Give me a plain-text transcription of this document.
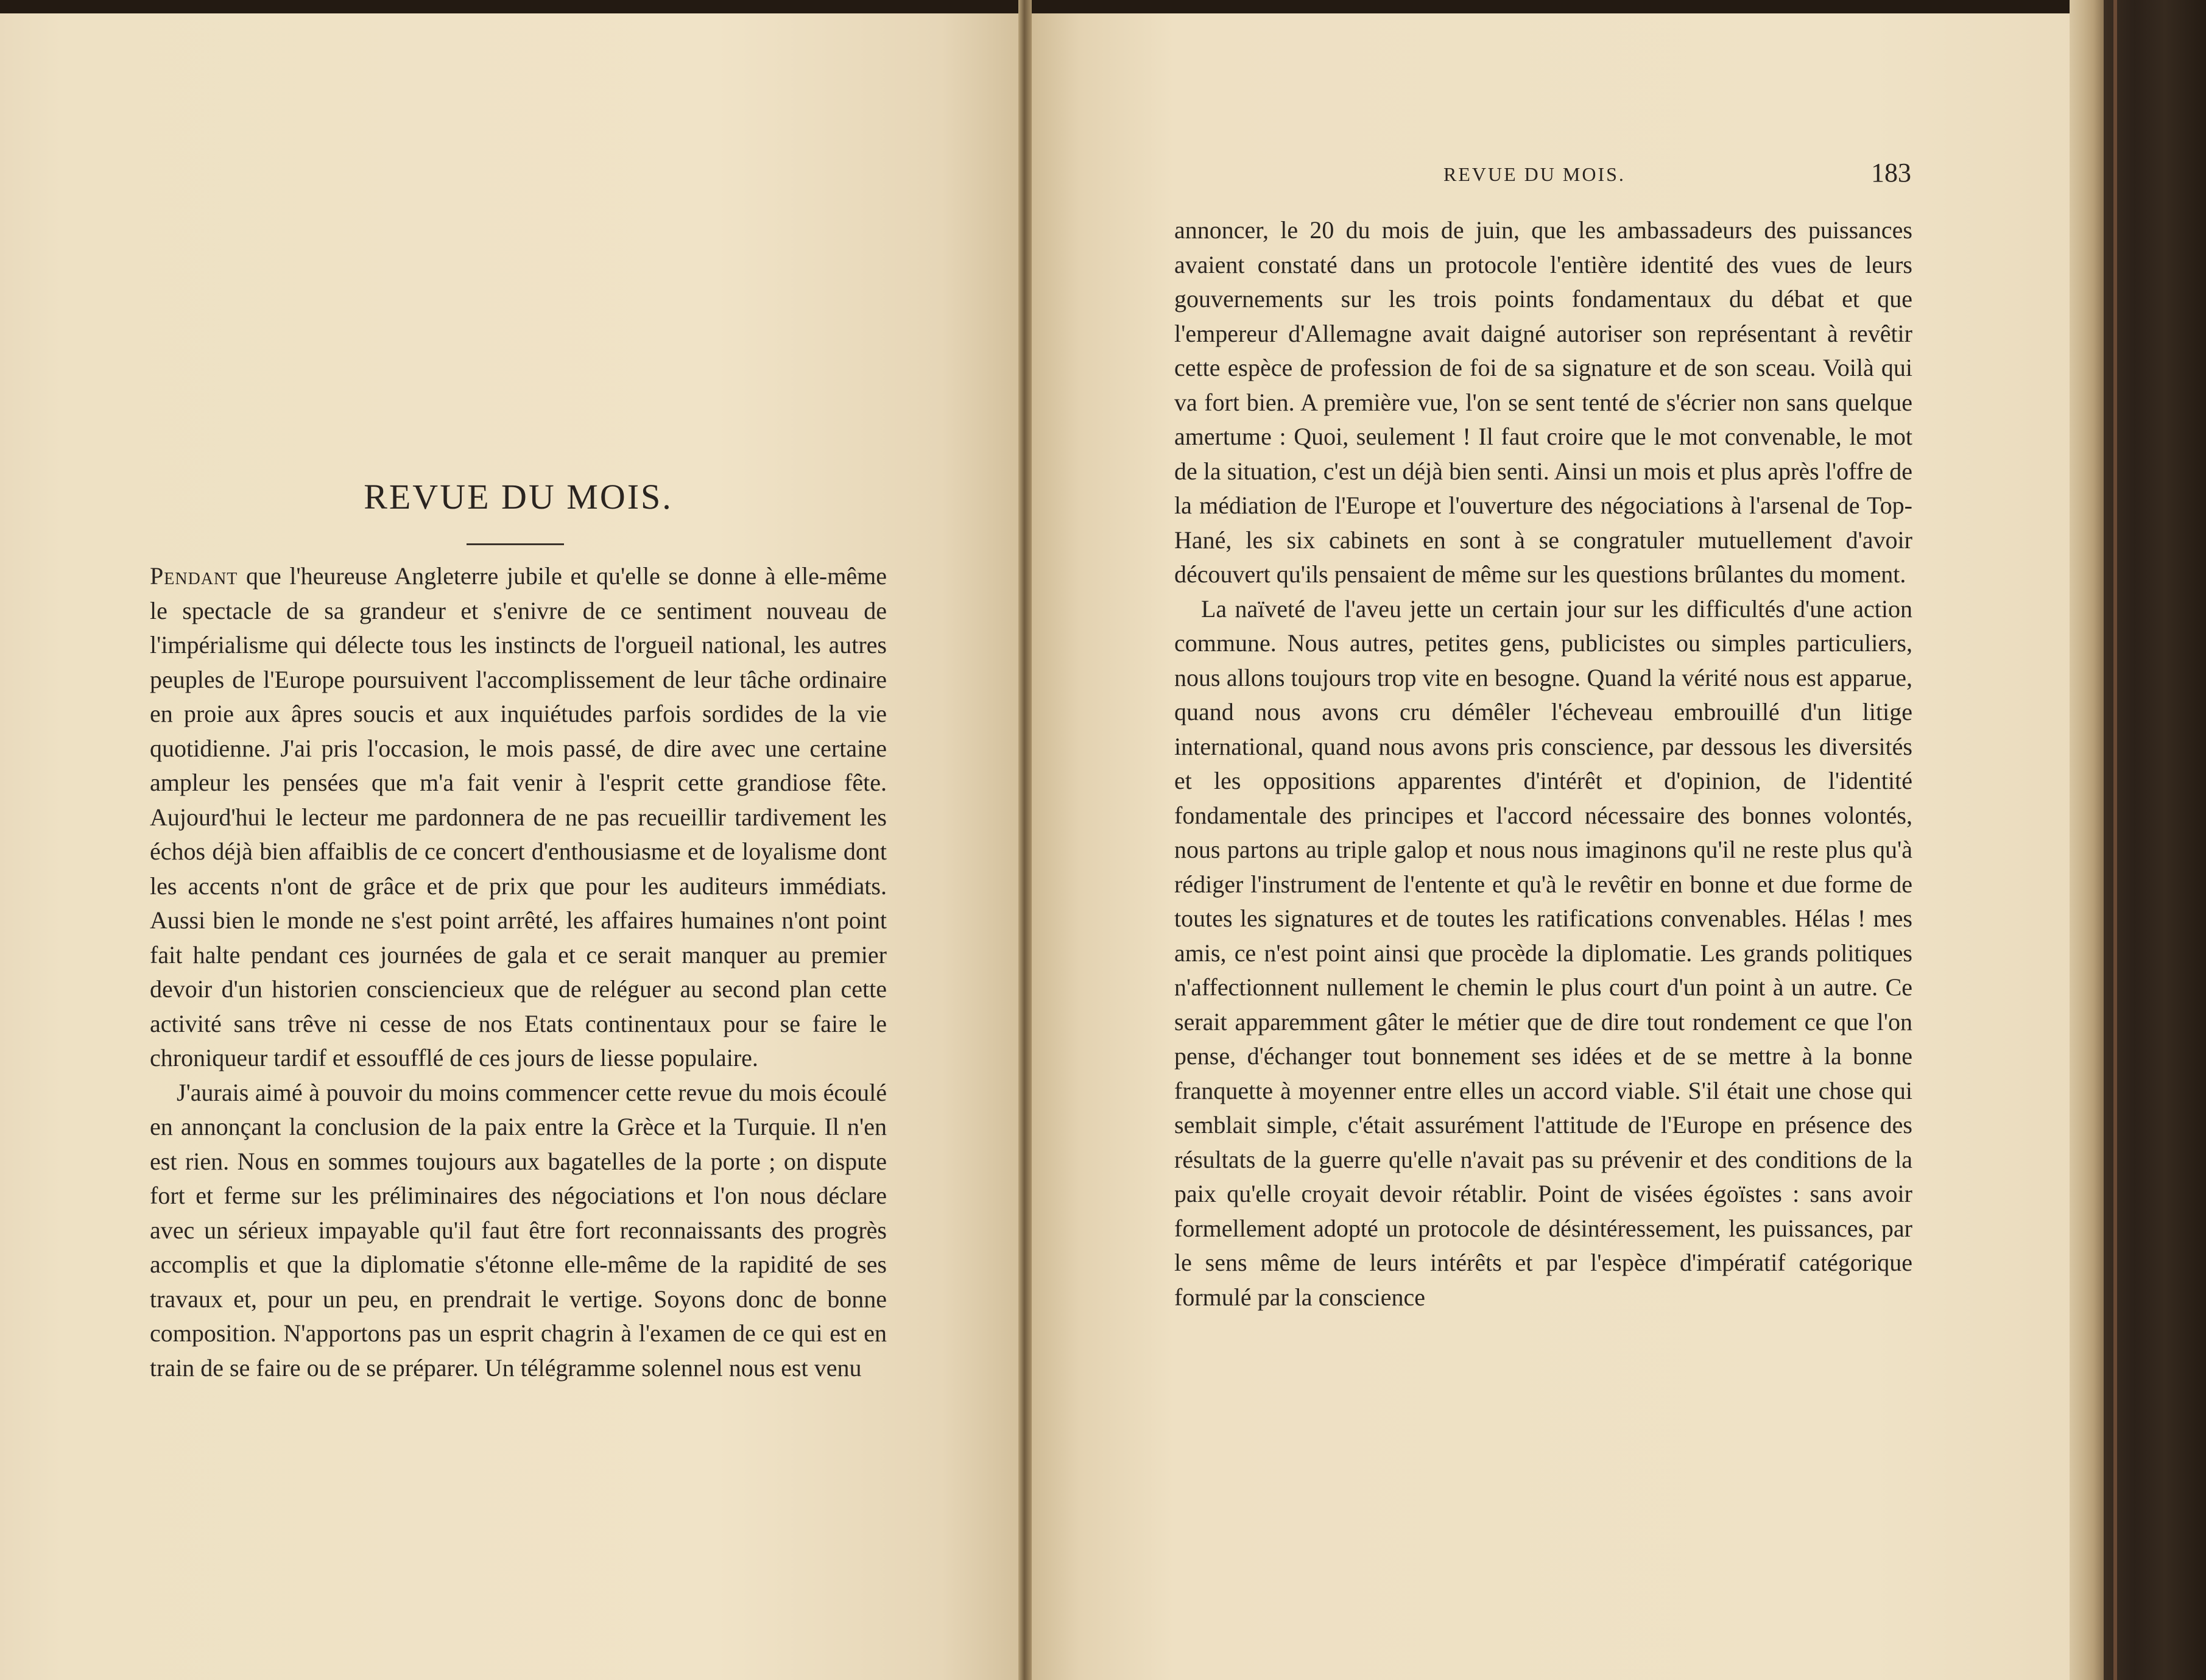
REVUE DU MOIS.

Pendant que l'heureuse Angleterre jubile et qu'elle se donne à elle-même le spectacle de sa grandeur et s'enivre de ce sentiment nouveau de l'impérialisme qui délecte tous les instincts de l'orgueil national, les autres peuples de l'Europe poursuivent l'accomplissement de leur tâche ordinaire en proie aux âpres soucis et aux inquiétudes parfois sordides de la vie quotidienne. J'ai pris l'occasion, le mois passé, de dire avec une certaine ampleur les pensées que m'a fait venir à l'esprit cette grandiose fête. Aujourd'hui le lecteur me pardonnera de ne pas recueillir tardivement les échos déjà bien affaiblis de ce concert d'enthousiasme et de loyalisme dont les accents n'ont de grâce et de prix que pour les auditeurs immédiats. Aussi bien le monde ne s'est point arrêté, les affaires humaines n'ont point fait halte pendant ces journées de gala et ce serait manquer au premier devoir d'un historien consciencieux que de reléguer au second plan cette activité sans trêve ni cesse de nos Etats continentaux pour se faire le chroniqueur tardif et essoufflé de ces jours de liesse populaire.

J'aurais aimé à pouvoir du moins commencer cette revue du mois écoulé en annonçant la conclusion de la paix entre la Grèce et la Turquie. Il n'en est rien. Nous en sommes toujours aux bagatelles de la porte ; on dispute fort et ferme sur les préliminaires des négociations et l'on nous déclare avec un sérieux impayable qu'il faut être fort reconnaissants des progrès accomplis et que la diplomatie s'étonne elle-même de la rapidité de ses travaux et, pour un peu, en prendrait le vertige. Soyons donc de bonne composition. N'apportons pas un esprit chagrin à l'examen de ce qui est en train de se faire ou de se préparer. Un télégramme solennel nous est venu

REVUE DU MOIS.	183

annoncer, le 20 du mois de juin, que les ambassadeurs des puissances avaient constaté dans un protocole l'entière identité des vues de leurs gouvernements sur les trois points fondamentaux du débat et que l'empereur d'Allemagne avait daigné autoriser son représentant à revêtir cette espèce de profession de foi de sa signature et de son sceau. Voilà qui va fort bien. A première vue, l'on se sent tenté de s'écrier non sans quelque amertume : Quoi, seulement ! Il faut croire que le mot convenable, le mot de la situation, c'est un déjà bien senti. Ainsi un mois et plus après l'offre de la médiation de l'Europe et l'ouverture des négociations à l'arsenal de Top-Hané, les six cabinets en sont à se congratuler mutuellement d'avoir découvert qu'ils pensaient de même sur les questions brûlantes du moment.

La naïveté de l'aveu jette un certain jour sur les difficultés d'une action commune. Nous autres, petites gens, publicistes ou simples particuliers, nous allons toujours trop vite en besogne. Quand la vérité nous est apparue, quand nous avons cru démêler l'écheveau embrouillé d'un litige international, quand nous avons pris conscience, par dessous les diversités et les oppositions apparentes d'intérêt et d'opinion, de l'identité fondamentale des principes et l'accord nécessaire des bonnes volontés, nous partons au triple galop et nous nous imaginons qu'il ne reste plus qu'à rédiger l'instrument de l'entente et qu'à le revêtir en bonne et due forme de toutes les signatures et de toutes les ratifications convenables. Hélas ! mes amis, ce n'est point ainsi que procède la diplomatie. Les grands politiques n'affectionnent nullement le chemin le plus court d'un point à un autre. Ce serait apparemment gâter le métier que de dire tout rondement ce que l'on pense, d'échanger tout bonnement ses idées et de se mettre à la bonne franquette à moyenner entre elles un accord viable. S'il était une chose qui semblait simple, c'était assurément l'attitude de l'Europe en présence des résultats de la guerre qu'elle n'avait pas su prévenir et des conditions de la paix qu'elle croyait devoir rétablir. Point de visées égoïstes : sans avoir formellement adopté un protocole de désintéressement, les puissances, par le sens même de leurs intérêts et par l'espèce d'impératif catégorique formulé par la conscience
